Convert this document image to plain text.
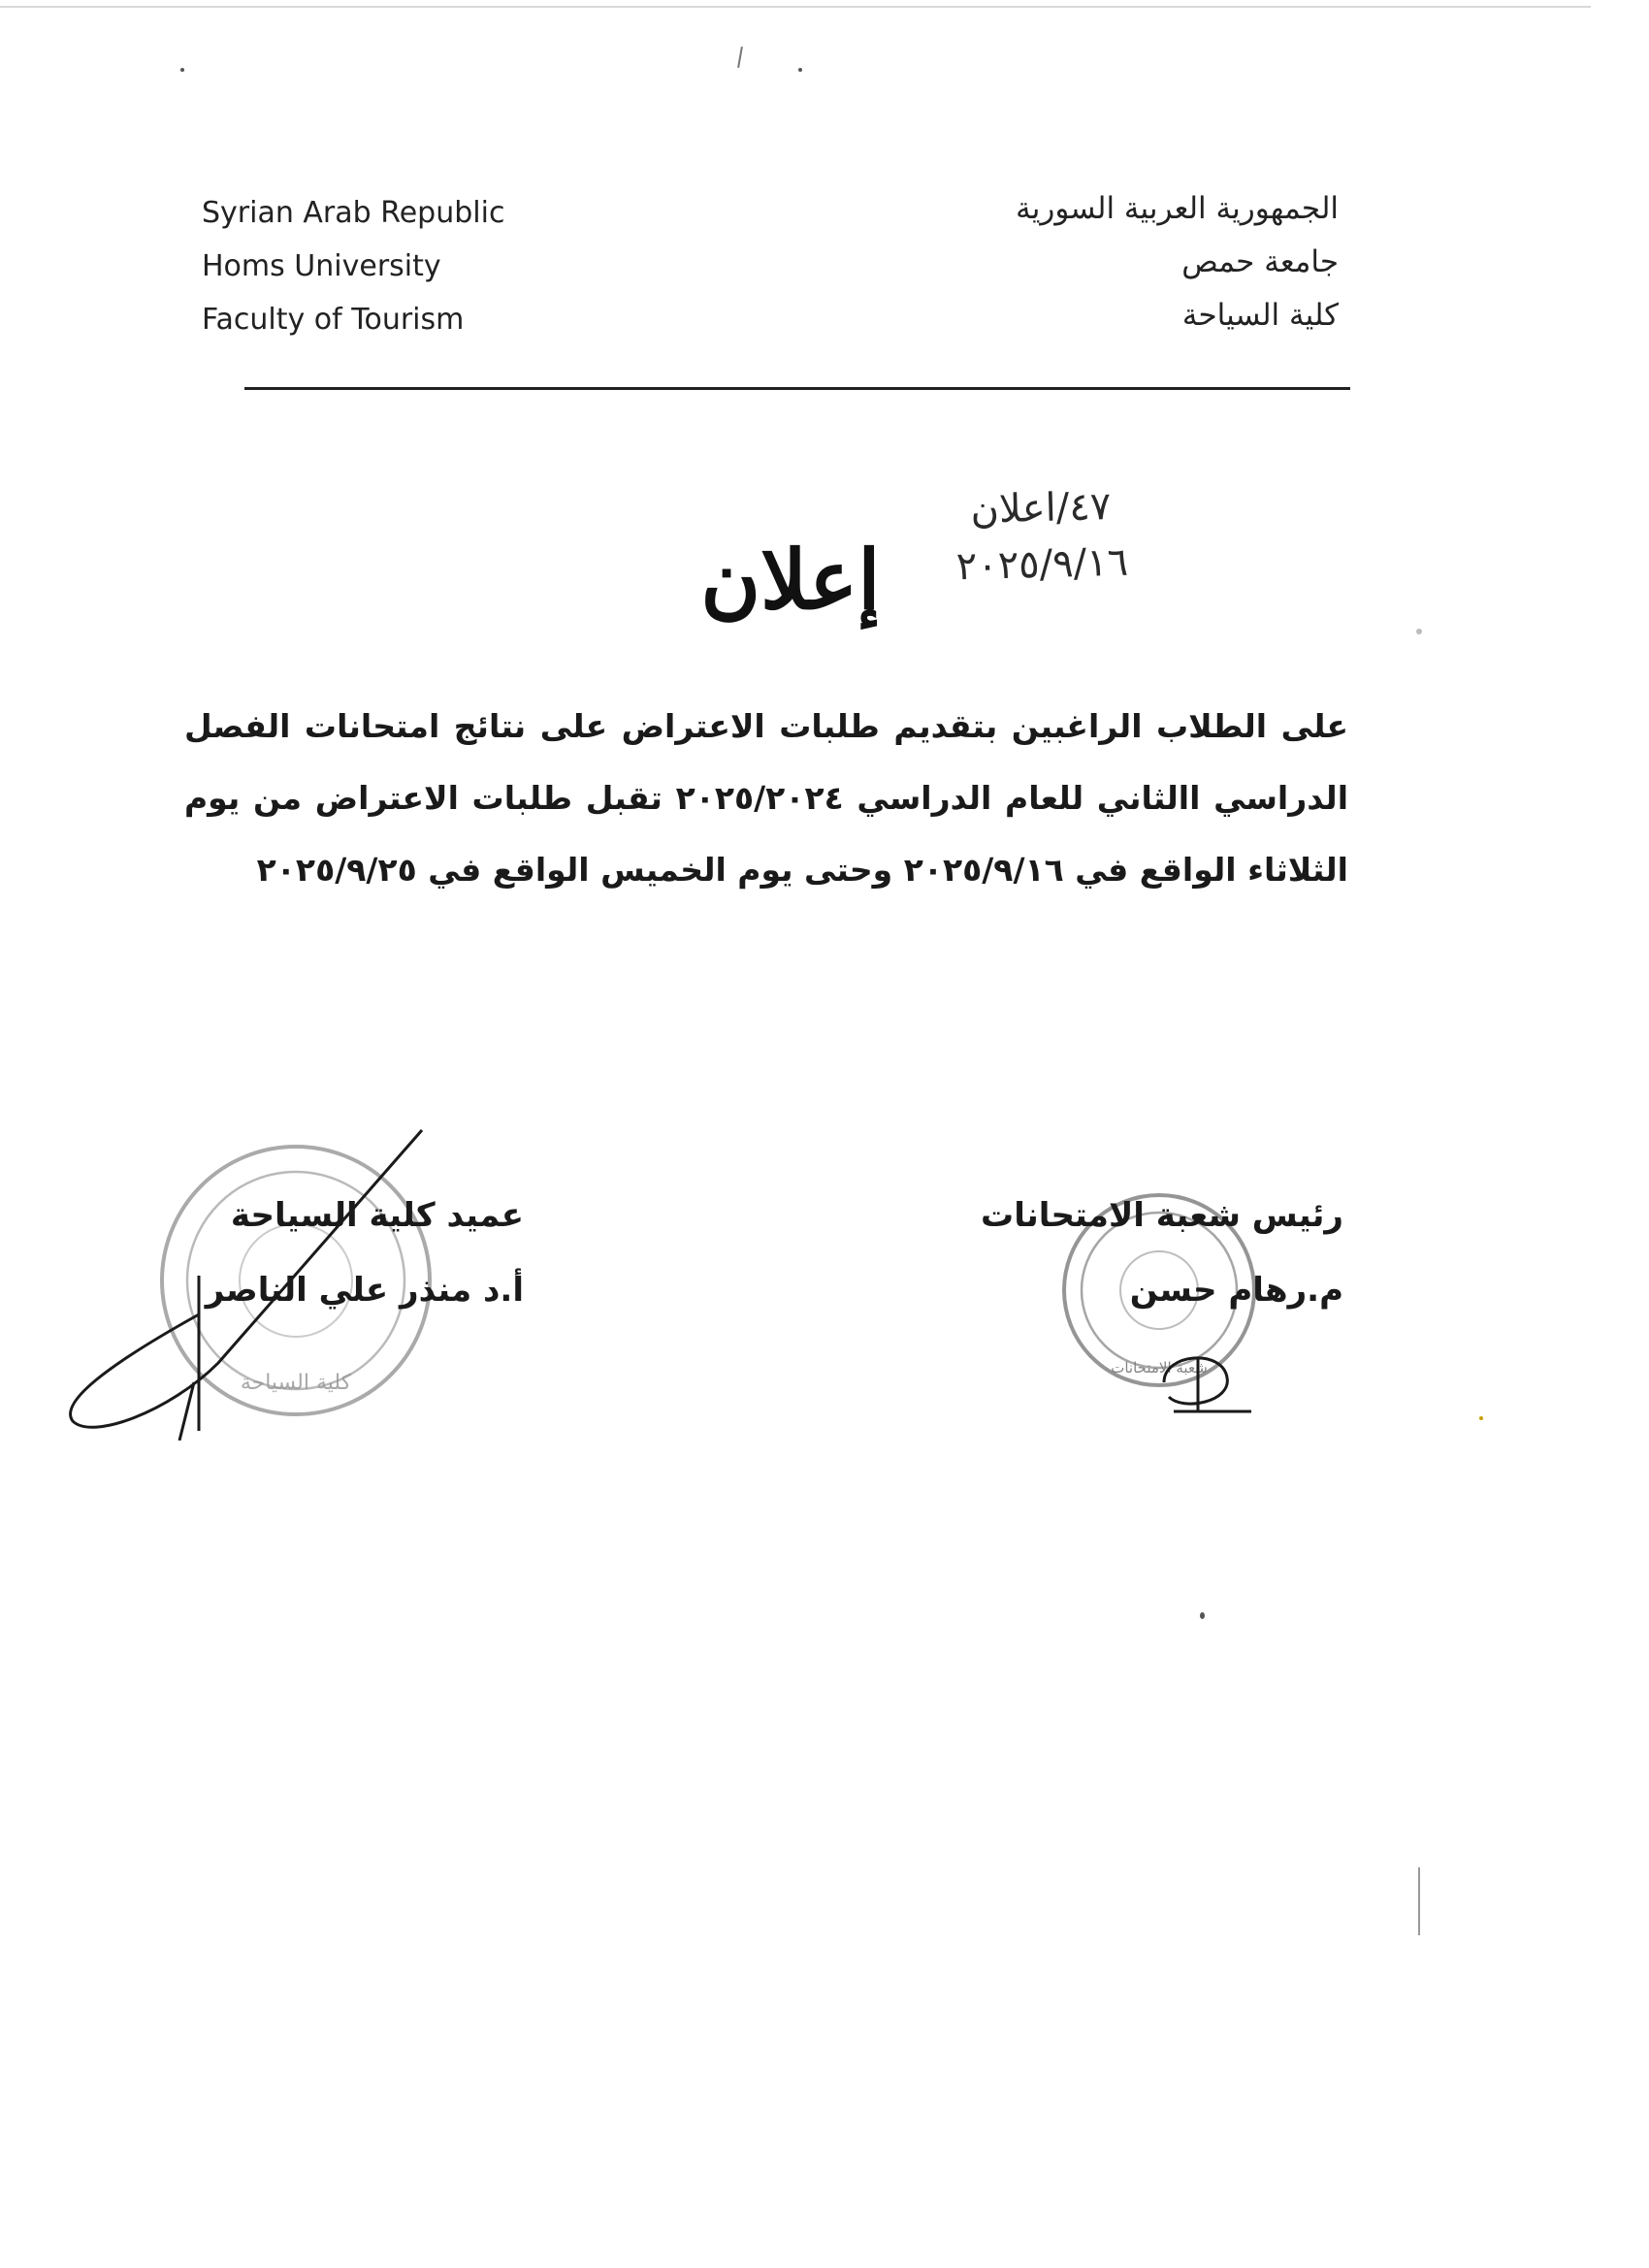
Syrian Arab Republic
Homs University
Faculty of Tourism
الجمهورية العربية السورية
جامعة حمص
كلية السياحة
٤٧/اعلان
٢٠٢٥/٩/١٦
إعلان
على الطلاب الراغبين بتقديم طلبات الاعتراض على نتائج امتحانات الفصل الدراسي االثاني للعام الدراسي ٢٠٢٥/٢٠٢٤ تقبل طلبات الاعتراض من يوم الثلاثاء الواقع في ٢٠٢٥/٩/١٦ وحتى يوم الخميس الواقع في ٢٠٢٥/٩/٢٥
كلية السياحة
عميد كلية السياحة
أ.د منذر علي الناصر
شعبة الامتحانات
رئيس شعبة الامتحانات
م.رهام حسن
